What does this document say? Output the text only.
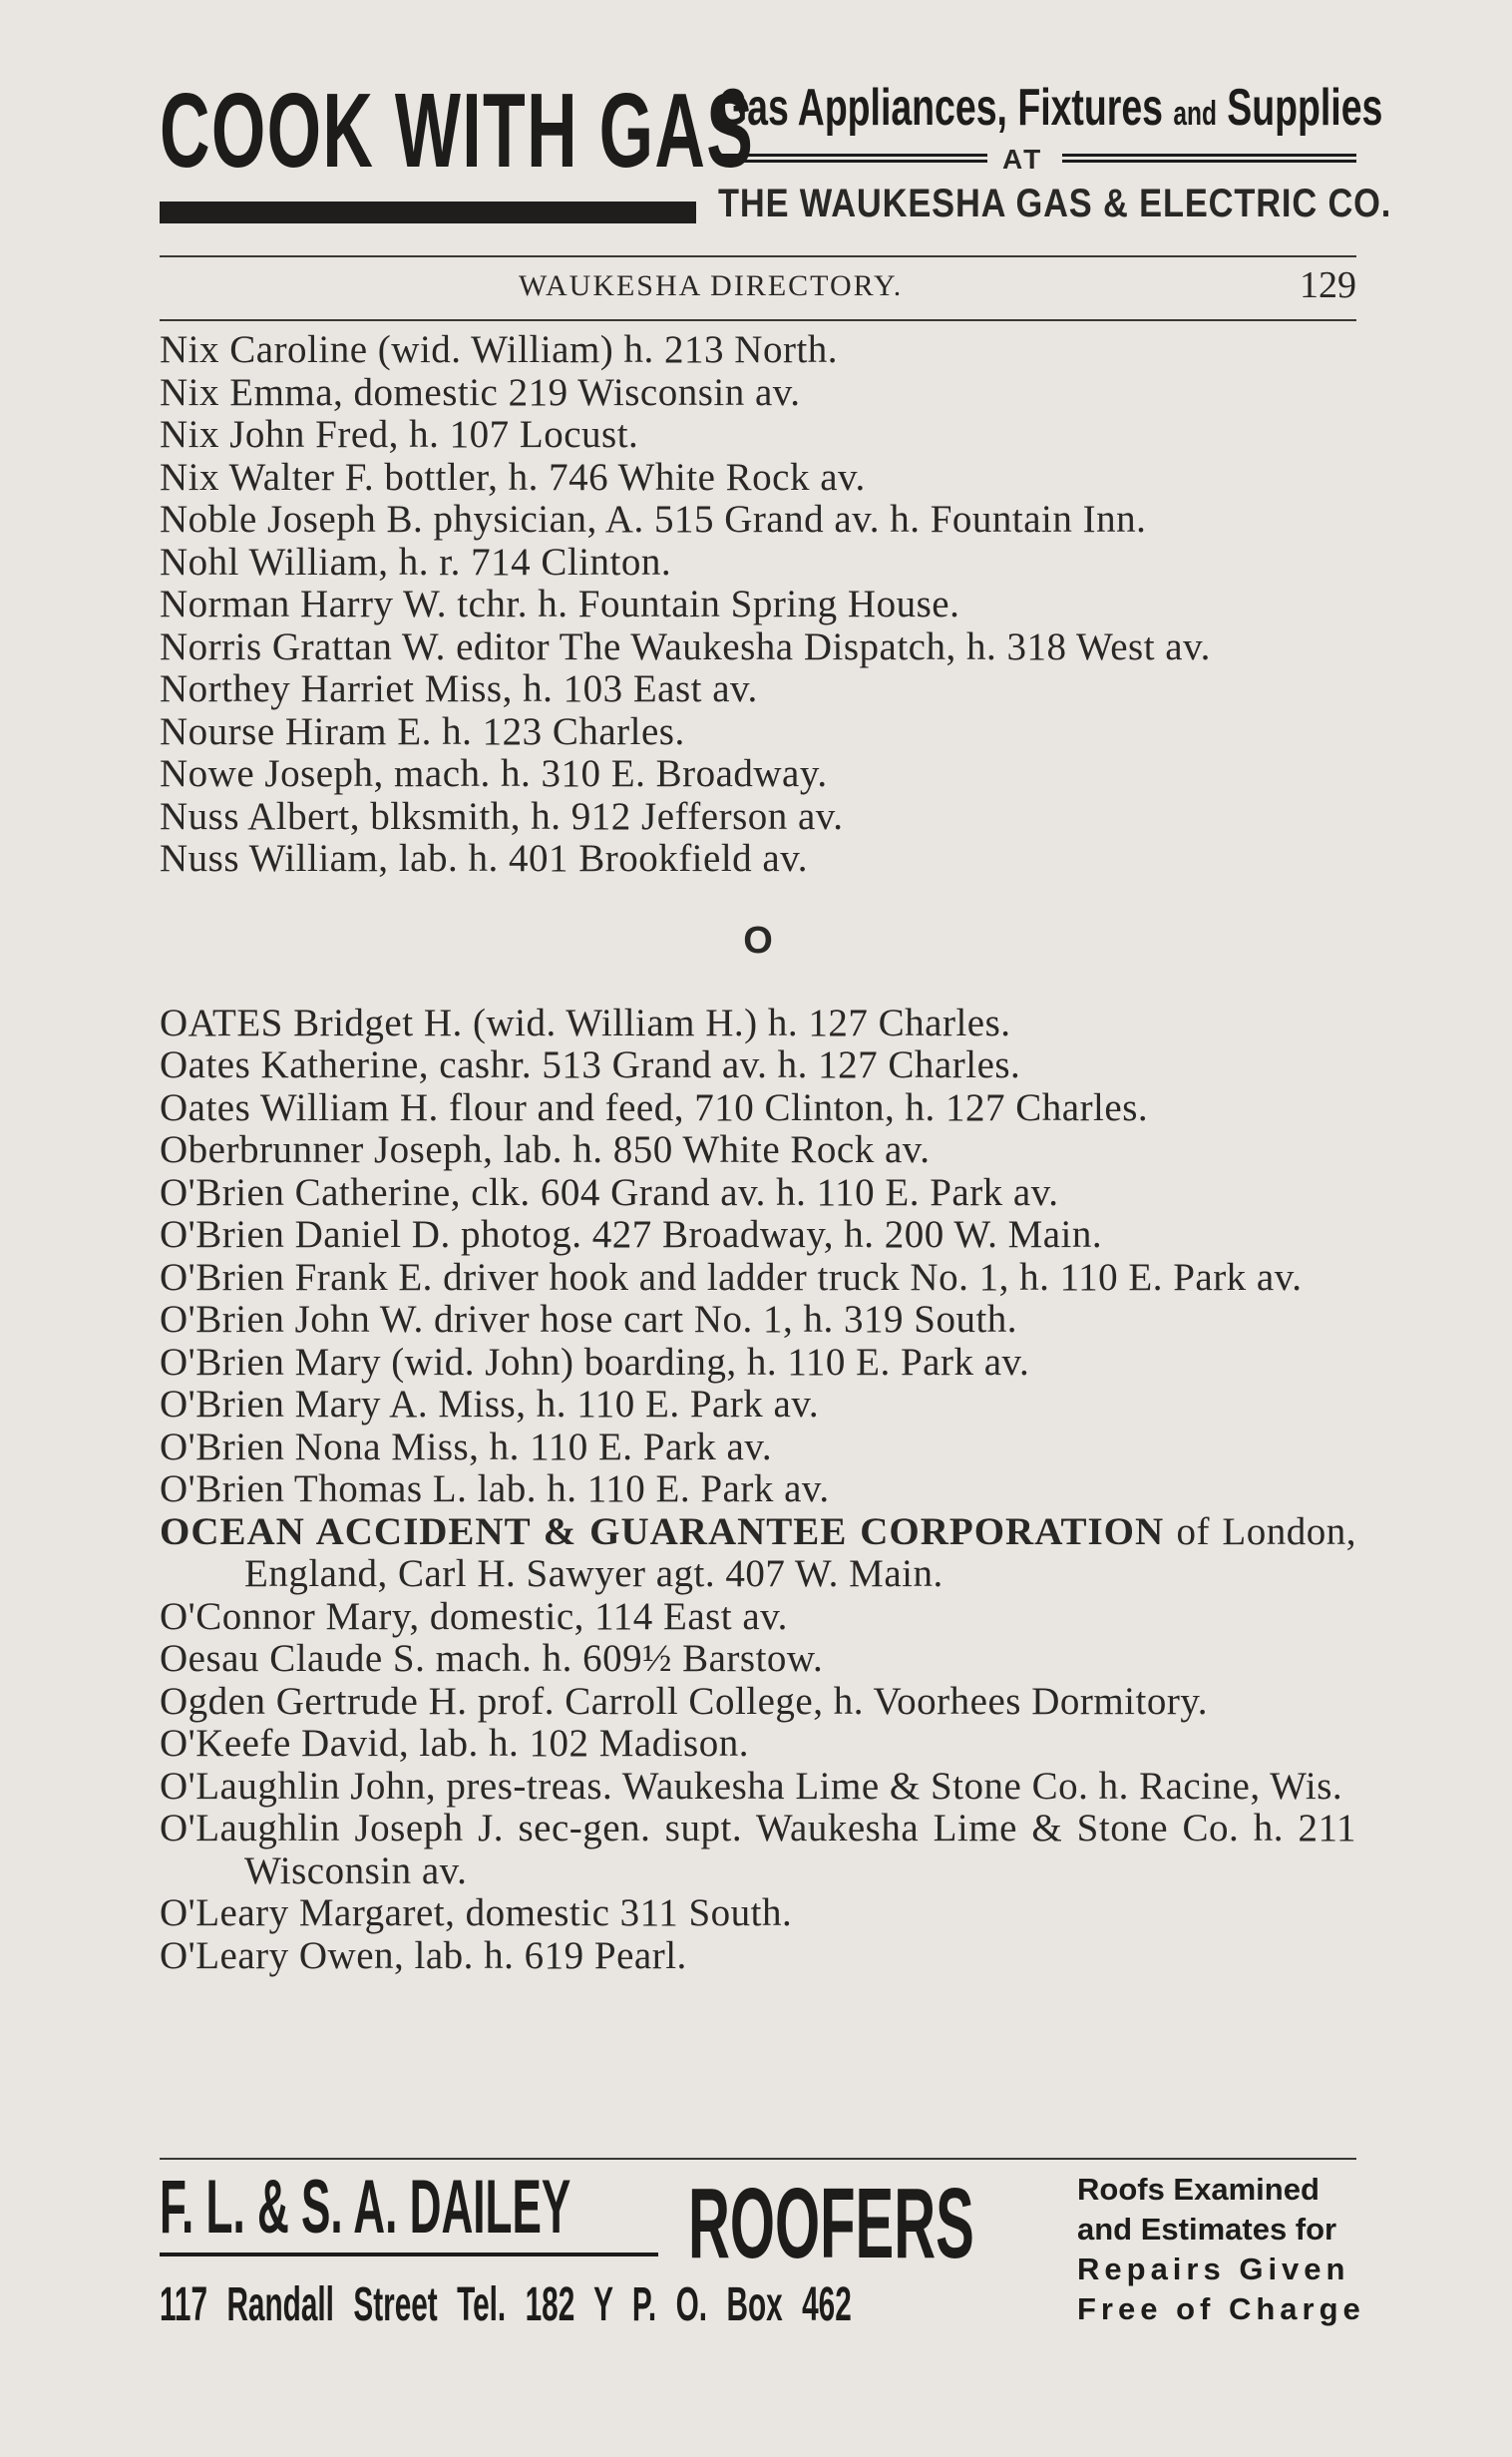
COOK WITH GAS
Gas Appliances, Fixtures and Supplies
AT
THE WAUKESHA GAS & ELECTRIC CO.
WAUKESHA DIRECTORY.	129
Nix Caroline (wid. William) h. 213 North.
Nix Emma, domestic 219 Wisconsin av.
Nix John Fred, h. 107 Locust.
Nix Walter F. bottler, h. 746 White Rock av.
Noble Joseph B. physician, A. 515 Grand av. h. Fountain Inn.
Nohl William, h. r. 714 Clinton.
Norman Harry W. tchr. h. Fountain Spring House.
Norris Grattan W. editor The Waukesha Dispatch, h. 318 West av.
Northey Harriet Miss, h. 103 East av.
Nourse Hiram E. h. 123 Charles.
Nowe Joseph, mach. h. 310 E. Broadway.
Nuss Albert, blksmith, h. 912 Jefferson av.
Nuss William, lab. h. 401 Brookfield av.
O
OATES Bridget H. (wid. William H.) h. 127 Charles.
Oates Katherine, cashr. 513 Grand av. h. 127 Charles.
Oates William H. flour and feed, 710 Clinton, h. 127 Charles.
Oberbrunner Joseph, lab. h. 850 White Rock av.
O'Brien Catherine, clk. 604 Grand av. h. 110 E. Park av.
O'Brien Daniel D. photog. 427 Broadway, h. 200 W. Main.
O'Brien Frank E. driver hook and ladder truck No. 1, h. 110 E. Park av.
O'Brien John W. driver hose cart No. 1, h. 319 South.
O'Brien Mary (wid. John) boarding, h. 110 E. Park av.
O'Brien Mary A. Miss, h. 110 E. Park av.
O'Brien Nona Miss, h. 110 E. Park av.
O'Brien Thomas L. lab. h. 110 E. Park av.
OCEAN ACCIDENT & GUARANTEE CORPORATION of London, England, Carl H. Sawyer agt. 407 W. Main.
O'Connor Mary, domestic, 114 East av.
Oesau Claude S. mach. h. 609½ Barstow.
Ogden Gertrude H. prof. Carroll College, h. Voorhees Dormitory.
O'Keefe David, lab. h. 102 Madison.
O'Laughlin John, pres-treas. Waukesha Lime & Stone Co. h. Racine, Wis.
O'Laughlin Joseph J. sec-gen. supt. Waukesha Lime & Stone Co. h. 211 Wisconsin av.
O'Leary Margaret, domestic 311 South.
O'Leary Owen, lab. h. 619 Pearl.
F. L. & S. A. DAILEY ROOFERS
117 Randall Street Tel. 182 Y P. O. Box 462
Roofs Examined
and Estimates for
Repairs Given
Free of Charge
